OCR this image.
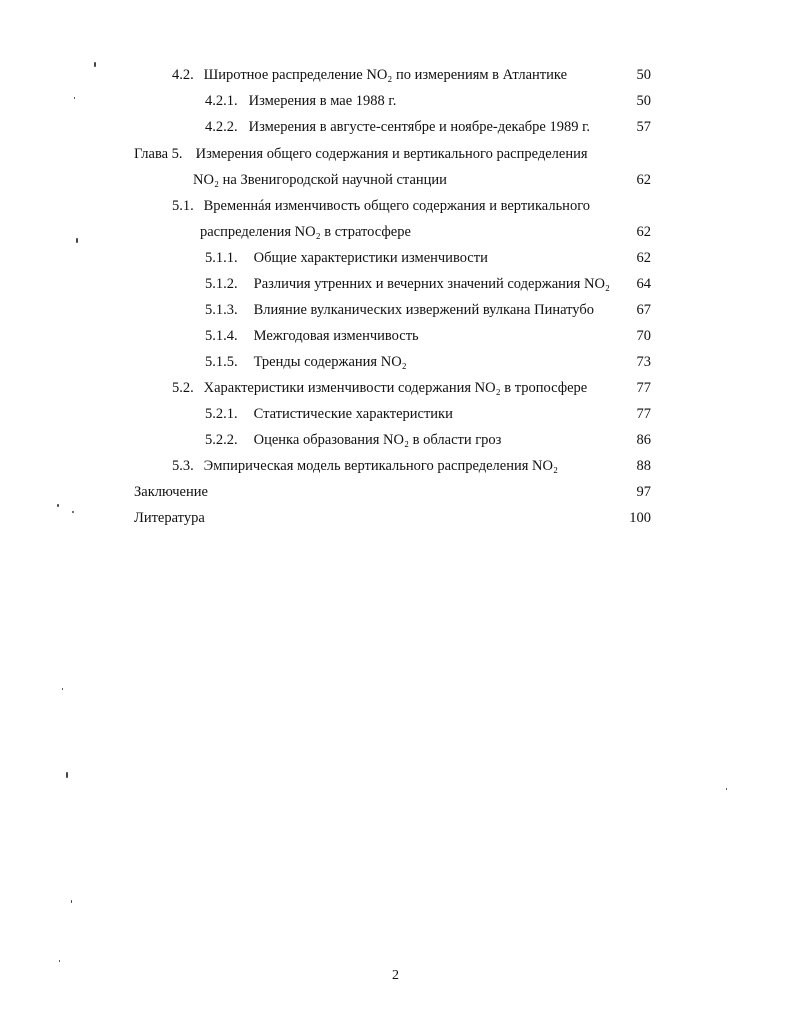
4.2. Широтное распределение NO₂ по измерениям в Атлантике	50
4.2.1. Измерения в мае 1988 г.	50
4.2.2. Измерения в августе-сентябре и ноябре-декабре 1989 г.	57
Глава 5. Измерения общего содержания и вертикального распределения
NO₂ на Звенигородской научной станции	62
5.1. Временнáя изменчивость общего содержания и вертикального
распределения NO₂ в стратосфере	62
5.1.1. Общие характеристики изменчивости	62
5.1.2. Различия утренних и вечерних значений содержания NO₂ 64
5.1.3. Влияние вулканических извержений вулкана Пинатубо	67
5.1.4. Межгодовая изменчивость	70
5.1.5. Тренды содержания NO₂	73
5.2. Характеристики изменчивости содержания NO₂ в тропосфере	77
5.2.1. Статистические характеристики	77
5.2.2. Оценка образования NO₂ в области гроз	86
5.3. Эмпирическая модель вертикального распределения NO₂	88
Заключение	97
Литература	100
2
